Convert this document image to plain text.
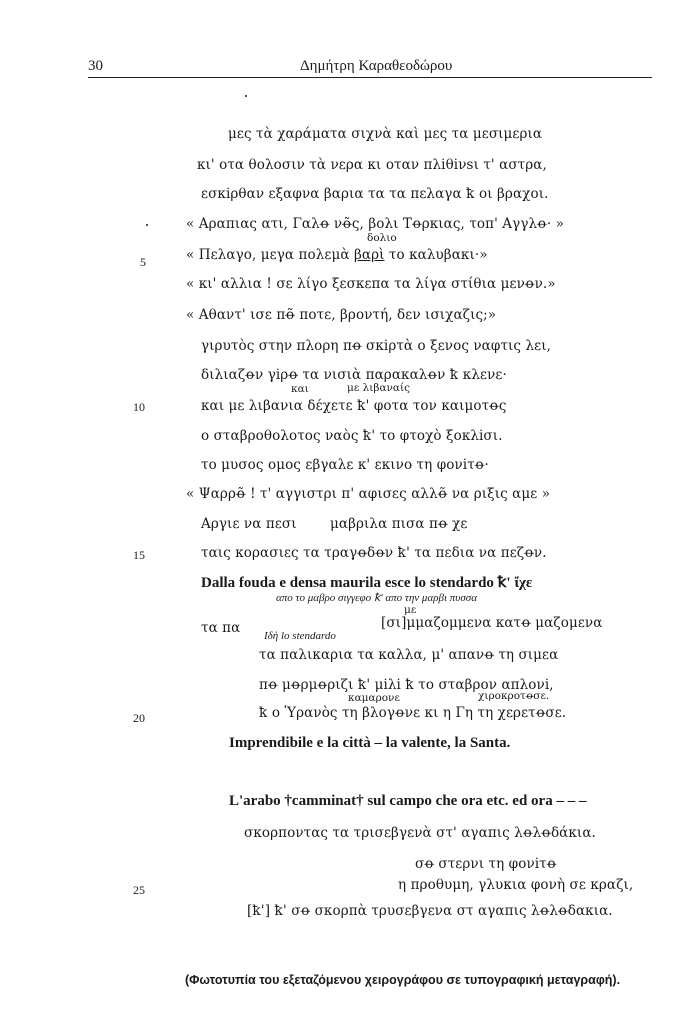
30	Δημήτρη Καραθεοδώρου
5
10
15
20
25
μες τὰ χαράματα σιχνὰ καὶ μες τα μεσιμερια
κι' οτα θολοσιν τὰ νερα κι οταν πλiθiνsι τ' αστρα,
εσκiρθαν εξαφνα βαρια τα τα πελαγα ꝁ οι βραχοι.
« Αραπιας ατι, Γαλꝋ νꝋ̃ς, βολι Τꝋρκιας, τοπ' Αγγλꝋ· »
δολιο
« Πελαγο, μεγα πολεμὰ βαρὶ το καλυβακι·»
« κι' αλλια ! σε λίγο ξεσκεπα τα λίγα στίθια μενꝋν.»
« Αθαντ' ισε πꝋ̃ ποτε, βροντή, δεν ισιχαζις;»
γιρυτὸς στην πλορη πꝋ σκiρτὰ ο ξενος ναφτις λει,
διλιαζꝋν γiρꝋ τα νισιὰ παρακαλꝋν ꝁ κλενε·
και	με λιβαναίς
και με λιβανια δέχετε ꝁ' φοτα τον καιμοτꝋς
ο σταβροθολοτος ναὸς ꝁ' το φτοχὸ ξοκλiσι.
το μυσος ομος εβγαλε κ' εκινο τη φονiτꝋ·
« Ψαρρꝋ̃ ! τ' αγγιστρι π' αφισες αλλꝋ̃ να ριξις αμε »
Αργιε να πεσι μαβριλα πισα πꝋ χε
ταις κορασιες τα τραγꝋδꝋν ꝁ' τα πεδια να πεζꝋν.
Dalla fouda e densa maurila esce lo stendardo ꝁ' ἴχε
απο το μαβρο σιγγεφο ꝁ' απο την μαρβι πυσσα
με
τα πα	[σι]μμαζομμενα κατꝋ μαζομενα
Ιδὴ lo stendardo
τα παλικαρια τα καλλα, μ' απανꝋ τη σιμεα
πꝋ μꝋρμꝋριζι ꝁ' μiλi ꝁ το σταβρον απλονi,
καμαρονε	χιροκροτꝋσε.
ꝁ ο Ὑρανὸς τη βλογꝋνε κι η Γη τη χερετꝋσε.
Imprendibile e la città – la valente, la Santa.
L'arabo †camminat† sul campo che ora etc. ed ora – – –
σκορποντας τα τρισεβγενὰ στ' αγαπις λꝋλꝋδάκια.
σꝋ στερνι τη φονiτꝋ
η προθυμη, γλυκια φονὴ σε κραζι,
[ꝁ'] ꝁ' σꝋ σκορπὰ τρυσεβγενα στ αγαπις λꝋλꝋδακια.
(Φωτοτυπία του εξεταζόμενου χειρογράφου σε τυπογραφική μεταγραφή).
